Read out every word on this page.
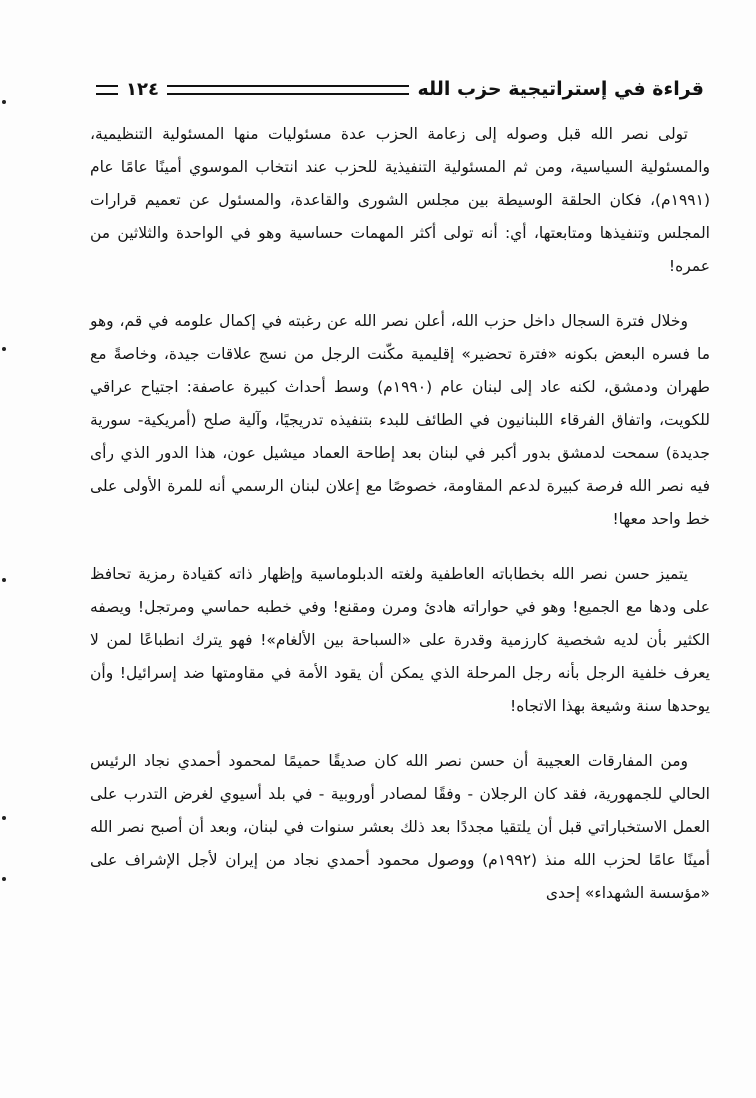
قراءة في إستراتيجية حزب الله
١٢٤

تولى نصر الله قبل وصوله إلى زعامة الحزب عدة مسئوليات منها المسئولية التنظيمية، والمسئولية السياسية، ومن ثم المسئولية التنفيذية للحزب عند انتخاب الموسوي أمينًا عامًا عام (١٩٩١م)، فكان الحلقة الوسيطة بين مجلس الشورى والقاعدة، والمسئول عن تعميم قرارات المجلس وتنفيذها ومتابعتها، أي: أنه تولى أكثر المهمات حساسية وهو في الواحدة والثلاثين من عمره!

وخلال فترة السجال داخل حزب الله، أعلن نصر الله عن رغبته في إكمال علومه في قم، وهو ما فسره البعض بكونه «فترة تحضير» إقليمية مكّنت الرجل من نسج علاقات جيدة، وخاصةً مع طهران ودمشق، لكنه عاد إلى لبنان عام (١٩٩٠م) وسط أحداث كبيرة عاصفة: اجتياح عراقي للكويت، واتفاق الفرقاء اللبنانيون في الطائف للبدء بتنفيذه تدريجيًا، وآلية صلح (أمريكية- سورية جديدة) سمحت لدمشق بدور أكبر في لبنان بعد إطاحة العماد ميشيل عون، هذا الدور الذي رأى فيه نصر الله فرصة كبيرة لدعم المقاومة، خصوصًا مع إعلان لبنان الرسمي أنه للمرة الأولى على خط واحد معها!

يتميز حسن نصر الله بخطاباته العاطفية ولغته الدبلوماسية وإظهار ذاته كقيادة رمزية تحافظ على ودها مع الجميع! وهو في حواراته هادئ ومرن ومقنع! وفي خطبه حماسي ومرتجل! ويصفه الكثير بأن لديه شخصية كارزمية وقدرة على «السباحة بين الألغام»! فهو يترك انطباعًا لمن لا يعرف خلفية الرجل بأنه رجل المرحلة الذي يمكن أن يقود الأمة في مقاومتها ضد إسرائيل! وأن يوحدها سنة وشيعة بهذا الاتجاه!

ومن المفارقات العجيبة أن حسن نصر الله كان صديقًا حميمًا لمحمود أحمدي نجاد الرئيس الحالي للجمهورية، فقد كان الرجلان - وفقًا لمصادر أوروبية - في بلد أسيوي لغرض التدرب على العمل الاستخباراتي قبل أن يلتقيا مجددًا بعد ذلك بعشر سنوات في لبنان، وبعد أن أصبح نصر الله أمينًا عامًا لحزب الله منذ (١٩٩٢م) ووصول محمود أحمدي نجاد من إيران لأجل الإشراف على «مؤسسة الشهداء» إحدى
